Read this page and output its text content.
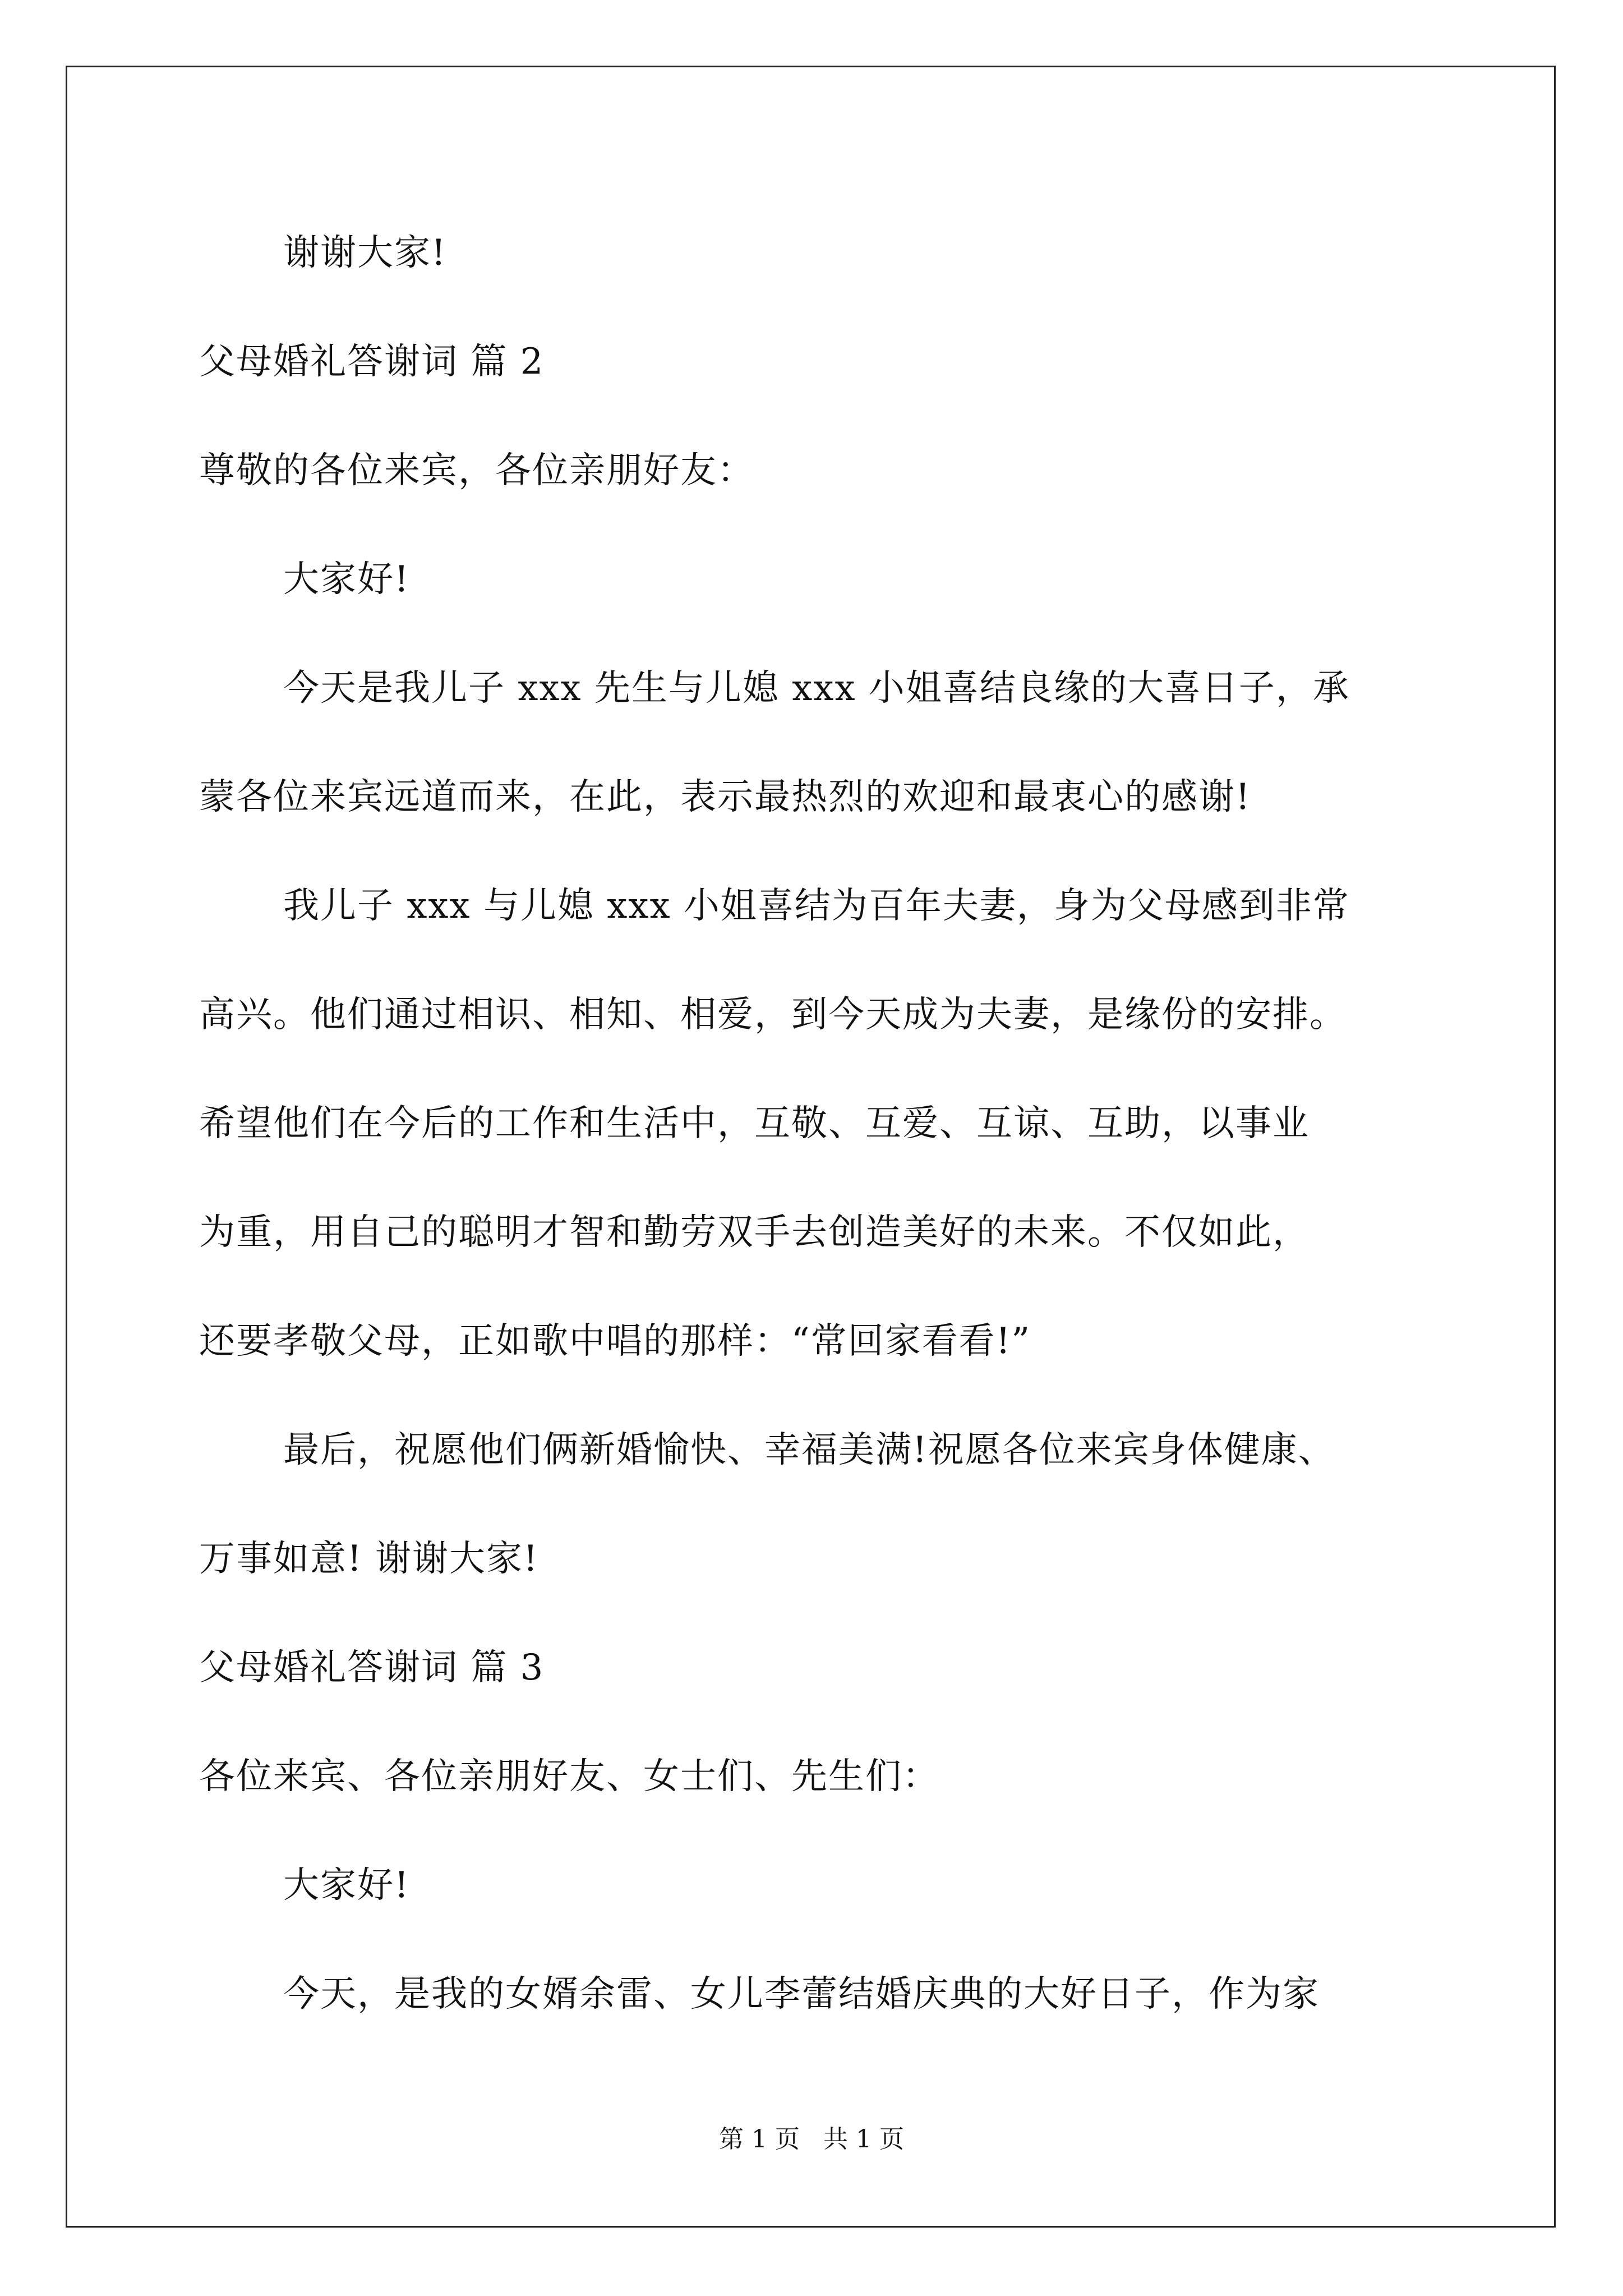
谢谢大家!
父母婚礼答谢词 篇 2
尊敬的各位来宾，各位亲朋好友：
大家好!
今天是我儿子 xxx 先生与儿媳 xxx 小姐喜结良缘的大喜日子，承
蒙各位来宾远道而来，在此，表示最热烈的欢迎和最衷心的感谢!
我儿子 xxx 与儿媳 xxx 小姐喜结为百年夫妻，身为父母感到非常
高兴。他们通过相识、相知、相爱，到今天成为夫妻，是缘份的安排。
希望他们在今后的工作和生活中，互敬、互爱、互谅、互助，以事业
为重，用自己的聪明才智和勤劳双手去创造美好的未来。不仅如此，
还要孝敬父母，正如歌中唱的那样：“常回家看看!”
最后，祝愿他们俩新婚愉快、幸福美满!祝愿各位来宾身体健康、
万事如意! 谢谢大家!
父母婚礼答谢词 篇 3
各位来宾、各位亲朋好友、女士们、先生们：
大家好!
今天，是我的女婿余雷、女儿李蕾结婚庆典的大好日子，作为家
第 1 页   共 1 页
